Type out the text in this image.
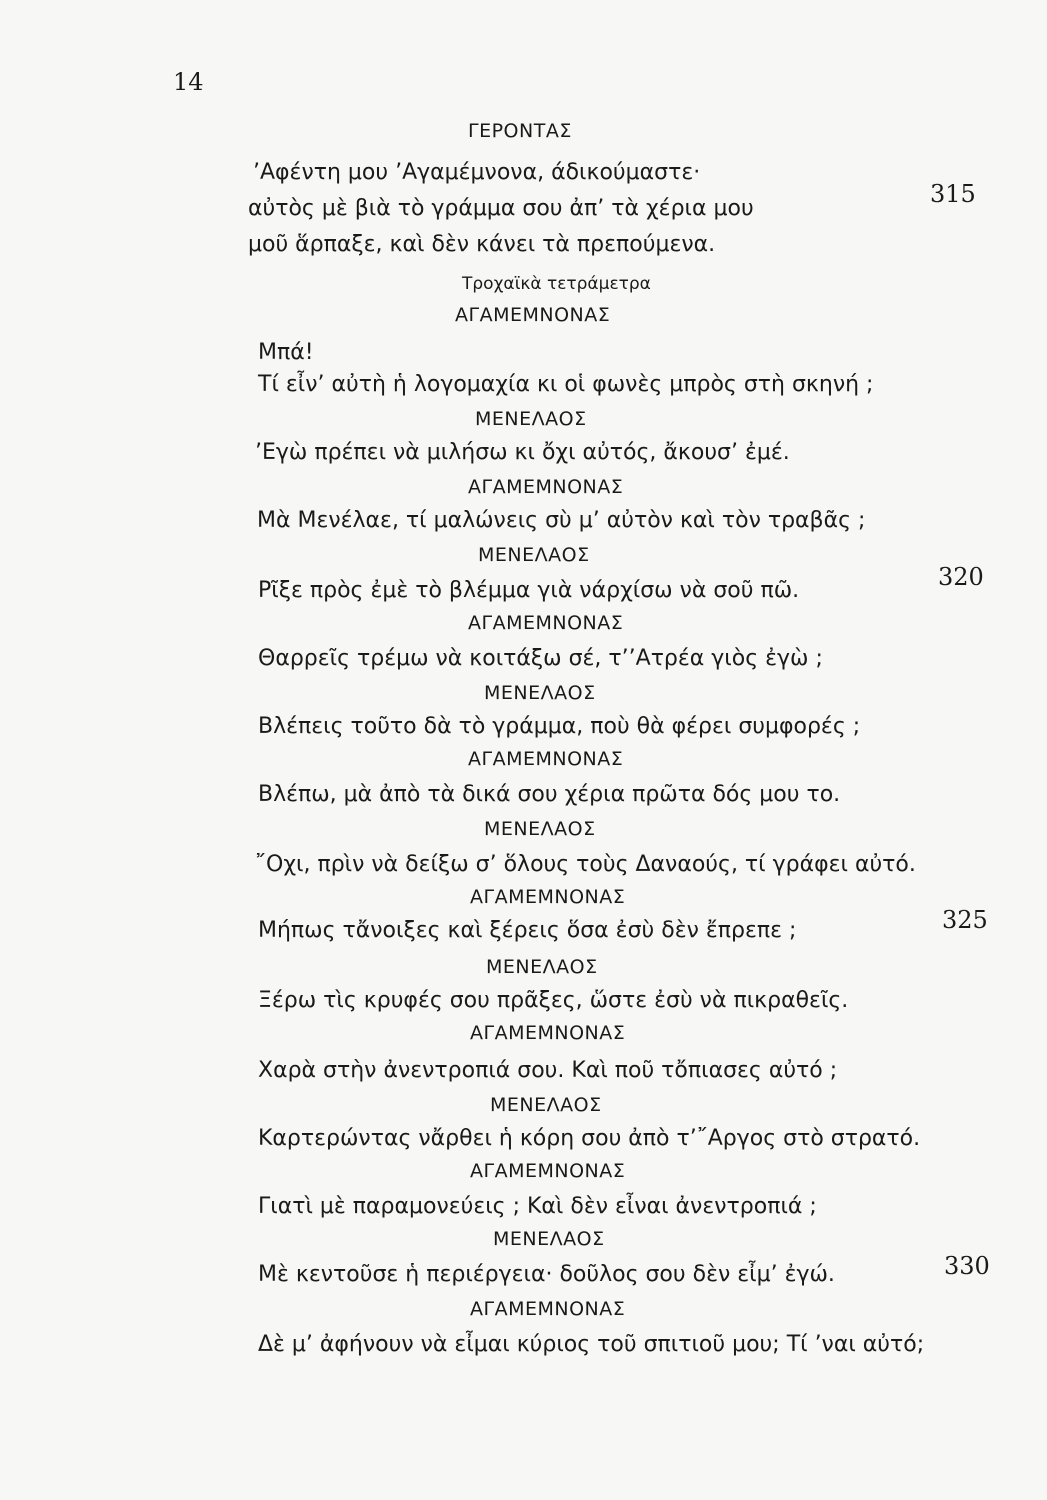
14
ΓΕΡΟΝΤΑΣ
’Αφέντη μου ’Αγαμέμνονα, άδικούμαστε·
αὐτὸς μὲ βιὰ τὸ γράμμα σου ἀπ’ τὰ χέρια μου
μοῦ ἅρπαξε, καὶ δὲν κάνει τὰ πρεπούμενα.
Τροχαϊκὰ τετράμετρα
ΑΓΑΜΕΜΝΟΝΑΣ
Μπά!
Τί εἶν’ αὐτὴ ἡ λογομαχία κι οἱ φωνὲς μπρὸς στὴ σκηνή ;
ΜΕΝΕΛΑΟΣ
’Εγὼ πρέπει νὰ μιλήσω κι ὄχι αὐτός, ἄκουσ’ ἐμέ.
ΑΓΑΜΕΜΝΟΝΑΣ
Μὰ Μενέλαε, τί μαλώνεις σὺ μ’ αὐτὸν καὶ τὸν τραβᾶς ;
ΜΕΝΕΛΑΟΣ
Ρῖξε πρὸς ἐμὲ τὸ βλέμμα γιὰ νάρχίσω νὰ σοῦ πῶ.
ΑΓΑΜΕΜΝΟΝΑΣ
Θαρρεῖς τρέμω νὰ κοιτάξω σέ, τ’’Ατρέα γιὸς ἐγὼ ;
ΜΕΝΕΛΑΟΣ
Βλέπεις τοῦτο δὰ τὸ γράμμα, ποὺ θὰ φέρει συμφορές ;
ΑΓΑΜΕΜΝΟΝΑΣ
Βλέπω, μὰ ἀπὸ τὰ δικά σου χέρια πρῶτα δός μου το.
ΜΕΝΕΛΑΟΣ
῎Οχι, πρὶν νὰ δείξω σ’ ὅλους τοὺς Δαναούς, τί γράφει αὐτό.
ΑΓΑΜΕΜΝΟΝΑΣ
Μήπως τἄνοιξες καὶ ξέρεις ὅσα ἐσὺ δὲν ἔπρεπε ;
ΜΕΝΕΛΑΟΣ
Ξέρω τὶς κρυφές σου πρᾶξες, ὥστε ἐσὺ νὰ πικραθεῖς.
ΑΓΑΜΕΜΝΟΝΑΣ
Χαρὰ στὴν ἀνεντροπιά σου. Καὶ ποῦ τὄπιασες αὐτό ;
ΜΕΝΕΛΑΟΣ
Καρτερώντας νἄρθει ἡ κόρη σου ἀπὸ τ’῎Αργος στὸ στρατό.
ΑΓΑΜΕΜΝΟΝΑΣ
Γιατὶ μὲ παραμονεύεις ; Καὶ δὲν εἶναι ἀνεντροπιά ;
ΜΕΝΕΛΑΟΣ
Μὲ κεντοῦσε ἡ περιέργεια· δοῦλος σου δὲν εἶμ’ ἐγώ.
ΑΓΑΜΕΜΝΟΝΑΣ
Δὲ μ’ ἀφήνουν νὰ εἶμαι κύριος τοῦ σπιτιοῦ μου; Τί ’ναι αὐτό;
315
320
325
330
